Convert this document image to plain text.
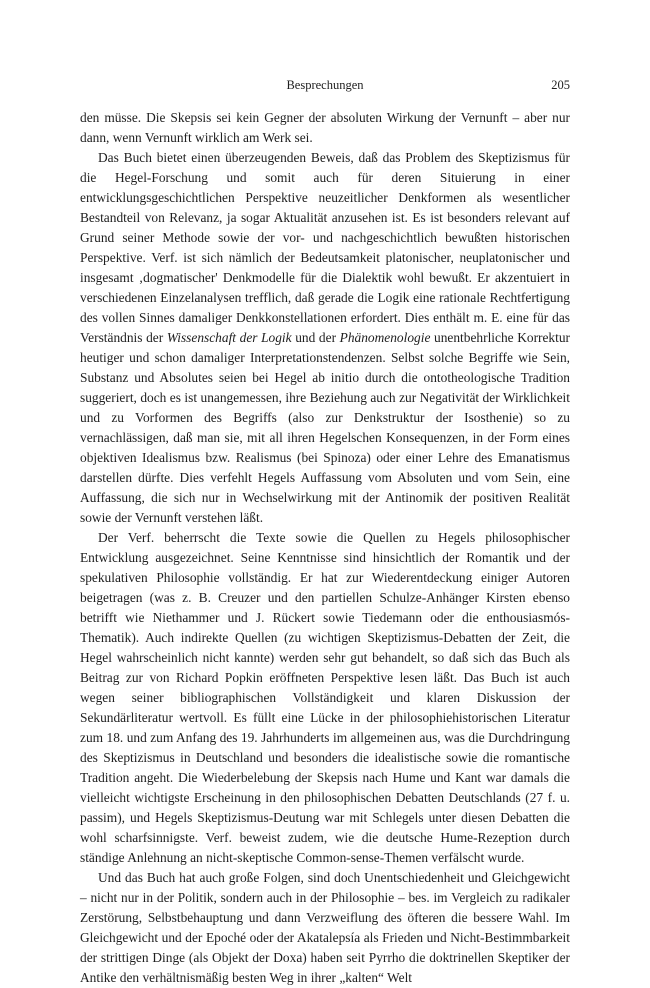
Besprechungen	205

den müsse. Die Skepsis sei kein Gegner der absoluten Wirkung der Vernunft – aber nur dann, wenn Vernunft wirklich am Werk sei.

Das Buch bietet einen überzeugenden Beweis, daß das Problem des Skeptizismus für die Hegel-Forschung und somit auch für deren Situierung in einer entwicklungsgeschichtlichen Perspektive neuzeitlicher Denkformen als wesentlicher Bestandteil von Relevanz, ja sogar Aktualität anzusehen ist. Es ist besonders relevant auf Grund seiner Methode sowie der vor- und nachgeschichtlich bewußten historischen Perspektive. Verf. ist sich nämlich der Bedeutsamkeit platonischer, neuplatonischer und insgesamt ‚dogmatischer' Denkmodelle für die Dialektik wohl bewußt. Er akzentuiert in verschiedenen Einzelanalysen trefflich, daß gerade die Logik eine rationale Rechtfertigung des vollen Sinnes damaliger Denkkonstellationen erfordert. Dies enthält m. E. eine für das Verständnis der Wissenschaft der Logik und der Phänomenologie unentbehrliche Korrektur heutiger und schon damaliger Interpretationstendenzen. Selbst solche Begriffe wie Sein, Substanz und Absolutes seien bei Hegel ab initio durch die ontotheologische Tradition suggeriert, doch es ist unangemessen, ihre Beziehung auch zur Negativität der Wirklichkeit und zu Vorformen des Begriffs (also zur Denkstruktur der Isosthenie) so zu vernachlässigen, daß man sie, mit all ihren Hegelschen Konsequenzen, in der Form eines objektiven Idealismus bzw. Realismus (bei Spinoza) oder einer Lehre des Emanatismus darstellen dürfte. Dies verfehlt Hegels Auffassung vom Absoluten und vom Sein, eine Auffassung, die sich nur in Wechselwirkung mit der Antinomik der positiven Realität sowie der Vernunft verstehen läßt.

Der Verf. beherrscht die Texte sowie die Quellen zu Hegels philosophischer Entwicklung ausgezeichnet. Seine Kenntnisse sind hinsichtlich der Romantik und der spekulativen Philosophie vollständig. Er hat zur Wiederentdeckung einiger Autoren beigetragen (was z. B. Creuzer und den partiellen Schulze-Anhänger Kirsten ebenso betrifft wie Niethammer und J. Rückert sowie Tiedemann oder die enthousiasmós-Thematik). Auch indirekte Quellen (zu wichtigen Skeptizismus-Debatten der Zeit, die Hegel wahrscheinlich nicht kannte) werden sehr gut behandelt, so daß sich das Buch als Beitrag zur von Richard Popkin eröffneten Perspektive lesen läßt. Das Buch ist auch wegen seiner bibliographischen Vollständigkeit und klaren Diskussion der Sekundärliteratur wertvoll. Es füllt eine Lücke in der philosophiehistorischen Literatur zum 18. und zum Anfang des 19. Jahrhunderts im allgemeinen aus, was die Durchdringung des Skeptizismus in Deutschland und besonders die idealistische sowie die romantische Tradition angeht. Die Wiederbelebung der Skepsis nach Hume und Kant war damals die vielleicht wichtigste Erscheinung in den philosophischen Debatten Deutschlands (27 f. u. passim), und Hegels Skeptizismus-Deutung war mit Schlegels unter diesen Debatten die wohl scharfsinnigste. Verf. beweist zudem, wie die deutsche Hume-Rezeption durch ständige Anlehnung an nicht-skeptische Common-sense-Themen verfälscht wurde.

Und das Buch hat auch große Folgen, sind doch Unentschiedenheit und Gleichgewicht – nicht nur in der Politik, sondern auch in der Philosophie – bes. im Vergleich zu radikaler Zerstörung, Selbstbehauptung und dann Verzweiflung des öfteren die bessere Wahl. Im Gleichgewicht und der Epoché oder der Akatalepsía als Frieden und Nicht-Bestimmbarkeit der strittigen Dinge (als Objekt der Doxa) haben seit Pyrrho die doktrinellen Skeptiker der Antike den verhältnismäßig besten Weg in ihrer „kalten“ Welt
